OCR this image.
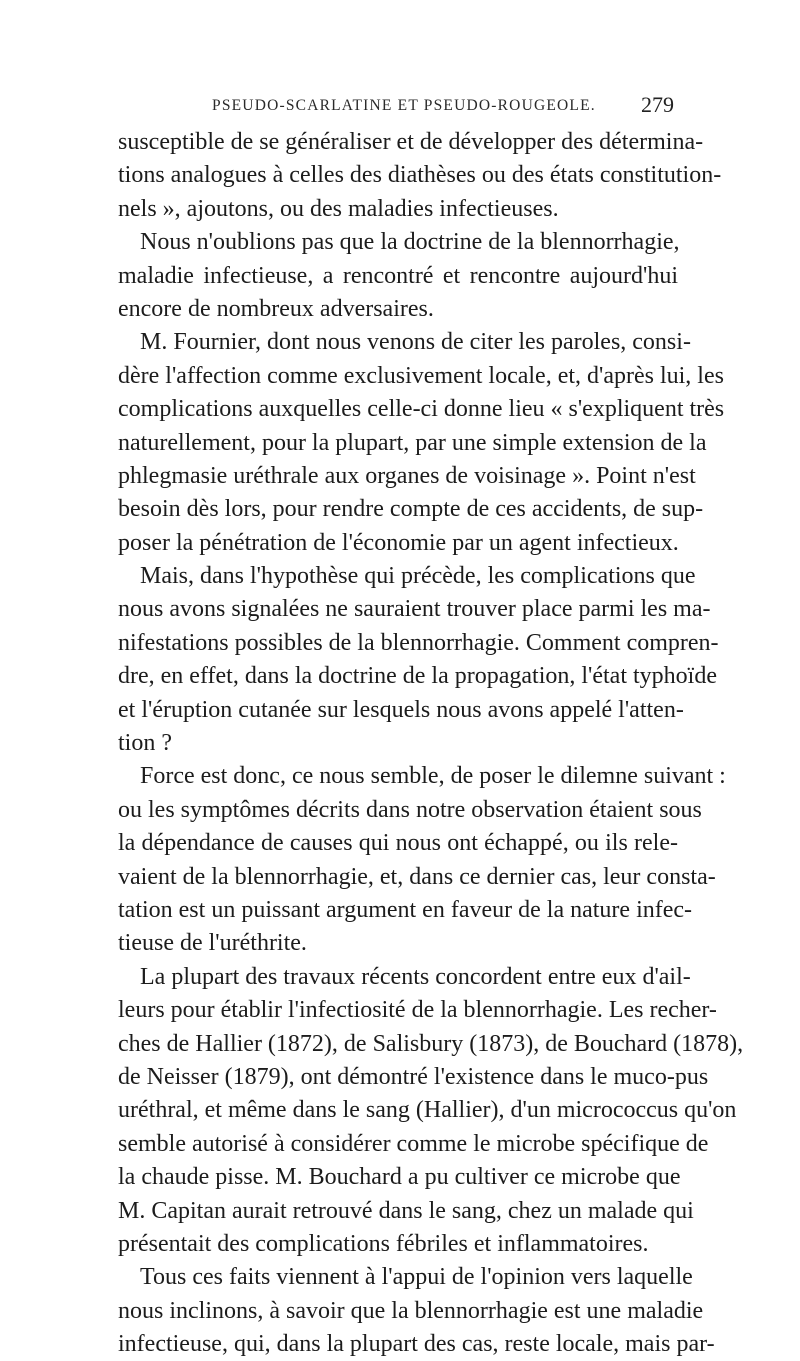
PSEUDO-SCARLATINE ET PSEUDO-ROUGEOLE. 279
susceptible de se généraliser et de développer des détermina-
tions analogues à celles des diathèses ou des états constitution-
nels », ajoutons, ou des maladies infectieuses.
Nous n'oublions pas que la doctrine de la blennorrhagie,
maladie infectieuse, a rencontré et rencontre aujourd'hui
encore de nombreux adversaires.
M. Fournier, dont nous venons de citer les paroles, consi-
dère l'affection comme exclusivement locale, et, d'après lui, les
complications auxquelles celle-ci donne lieu « s'expliquent très
naturellement, pour la plupart, par une simple extension de la
phlegmasie uréthrale aux organes de voisinage ». Point n'est
besoin dès lors, pour rendre compte de ces accidents, de sup-
poser la pénétration de l'économie par un agent infectieux.
Mais, dans l'hypothèse qui précède, les complications que
nous avons signalées ne sauraient trouver place parmi les ma-
nifestations possibles de la blennorrhagie. Comment compren-
dre, en effet, dans la doctrine de la propagation, l'état typhoïde
et l'éruption cutanée sur lesquels nous avons appelé l'atten-
tion ?
Force est donc, ce nous semble, de poser le dilemne suivant :
ou les symptômes décrits dans notre observation étaient sous
la dépendance de causes qui nous ont échappé, ou ils rele-
vaient de la blennorrhagie, et, dans ce dernier cas, leur consta-
tation est un puissant argument en faveur de la nature infec-
tieuse de l'uréthrite.
La plupart des travaux récents concordent entre eux d'ail-
leurs pour établir l'infectiosité de la blennorrhagie. Les recher-
ches de Hallier (1872), de Salisbury (1873), de Bouchard (1878),
de Neisser (1879), ont démontré l'existence dans le muco-pus
uréthral, et même dans le sang (Hallier), d'un micrococcus qu'on
semble autorisé à considérer comme le microbe spécifique de
la chaude pisse. M. Bouchard a pu cultiver ce microbe que
M. Capitan aurait retrouvé dans le sang, chez un malade qui
présentait des complications fébriles et inflammatoires.
Tous ces faits viennent à l'appui de l'opinion vers laquelle
nous inclinons, à savoir que la blennorrhagie est une maladie
infectieuse, qui, dans la plupart des cas, reste locale, mais par-
